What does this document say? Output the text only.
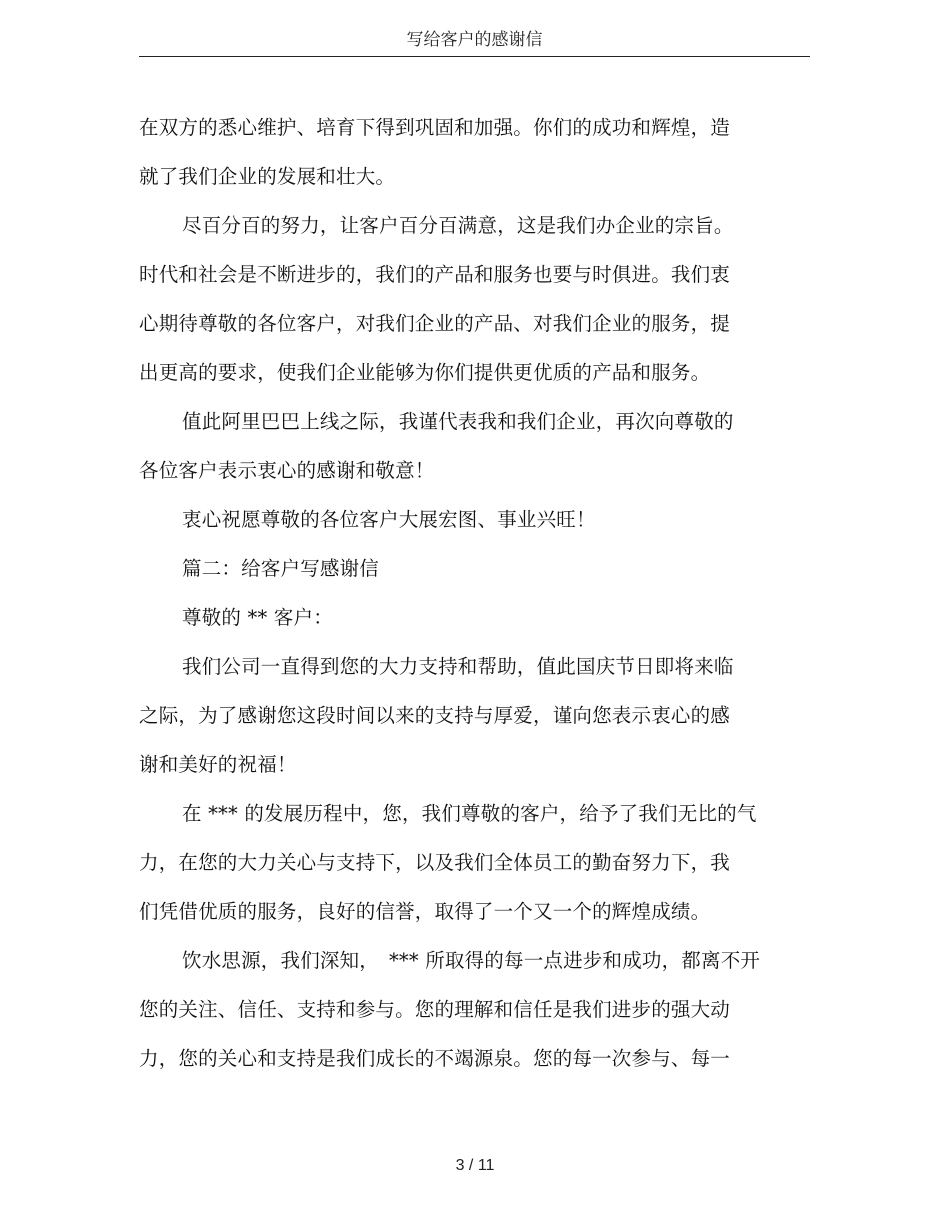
写给客户的感谢信
在双方的悉心维护、培育下得到巩固和加强。你们的成功和辉煌，造
就了我们企业的发展和壮大。
尽百分百的努力，让客户百分百满意，这是我们办企业的宗旨。
时代和社会是不断进步的，我们的产品和服务也要与时俱进。我们衷
心期待尊敬的各位客户，对我们企业的产品、对我们企业的服务，提
出更高的要求，使我们企业能够为你们提供更优质的产品和服务。
值此阿里巴巴上线之际，我谨代表我和我们企业，再次向尊敬的
各位客户表示衷心的感谢和敬意！
衷心祝愿尊敬的各位客户大展宏图、事业兴旺！
篇二：给客户写感谢信
尊敬的 ** 客户：
我们公司一直得到您的大力支持和帮助，值此国庆节日即将来临
之际，为了感谢您这段时间以来的支持与厚爱，谨向您表示衷心的感
谢和美好的祝福！
在 *** 的发展历程中，您，我们尊敬的客户，给予了我们无比的气
力，在您的大力关心与支持下，以及我们全体员工的勤奋努力下，我
们凭借优质的服务，良好的信誉，取得了一个又一个的辉煌成绩。
饮水思源，我们深知，　*** 所取得的每一点进步和成功，都离不开
您的关注、信任、支持和参与。您的理解和信任是我们进步的强大动
力，您的关心和支持是我们成长的不竭源泉。您的每一次参与、每一
3 / 11
